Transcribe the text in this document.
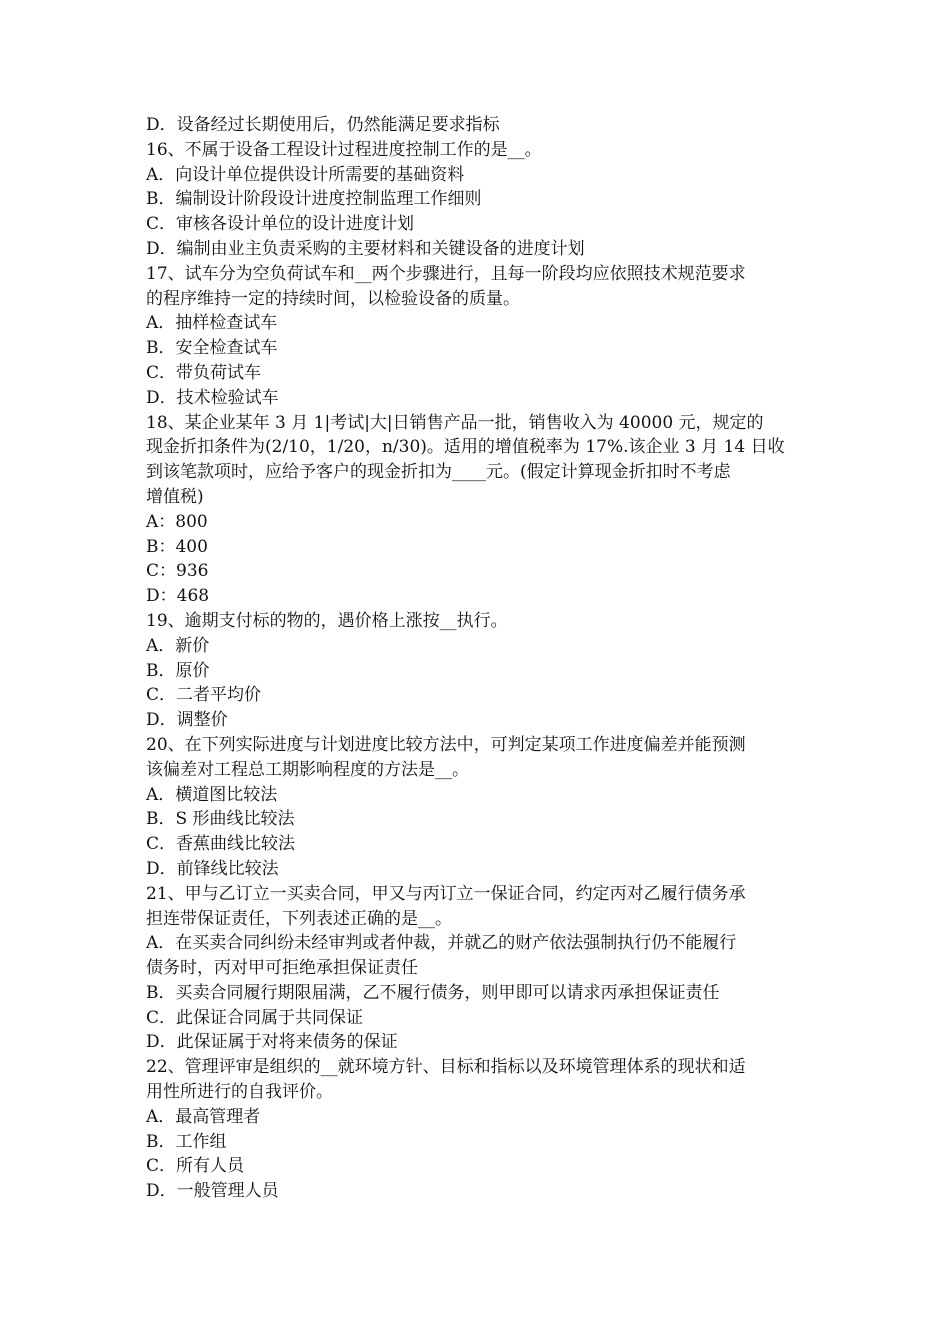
D．设备经过长期使用后，仍然能满足要求指标

16、不属于设备工程设计过程进度控制工作的是__。

A．向设计单位提供设计所需要的基础资料

B．编制设计阶段设计进度控制监理工作细则

C．审核各设计单位的设计进度计划

D．编制由业主负责采购的主要材料和关键设备的进度计划

17、试车分为空负荷试车和__两个步骤进行，且每一阶段均应依照技术规范要求

的程序维持一定的持续时间，以检验设备的质量。

A．抽样检查试车

B．安全检查试车

C．带负荷试车

D．技术检验试车

18、某企业某年 3 月 1|考试|大|日销售产品一批，销售收入为 40000 元，规定的

现金折扣条件为(2/10，1/20，n/30)。适用的增值税率为 17%.该企业 3 月 14 日收

到该笔款项时，应给予客户的现金折扣为____元。(假定计算现金折扣时不考虑

增值税)

A：800

B：400

C：936

D：468

19、逾期支付标的物的，遇价格上涨按__执行。

A．新价

B．原价

C．二者平均价

D．调整价

20、在下列实际进度与计划进度比较方法中，可判定某项工作进度偏差并能预测

该偏差对工程总工期影响程度的方法是__。

A．横道图比较法

B．S 形曲线比较法

C．香蕉曲线比较法

D．前锋线比较法

21、甲与乙订立一买卖合同，甲又与丙订立一保证合同，约定丙对乙履行债务承

担连带保证责任，下列表述正确的是__。

A．在买卖合同纠纷未经审判或者仲裁，并就乙的财产依法强制执行仍不能履行

债务时，丙对甲可拒绝承担保证责任

B．买卖合同履行期限届满，乙不履行债务，则甲即可以请求丙承担保证责任

C．此保证合同属于共同保证

D．此保证属于对将来债务的保证

22、管理评审是组织的__就环境方针、目标和指标以及环境管理体系的现状和适

用性所进行的自我评价。

A．最高管理者

B．工作组

C．所有人员

D．一般管理人员
